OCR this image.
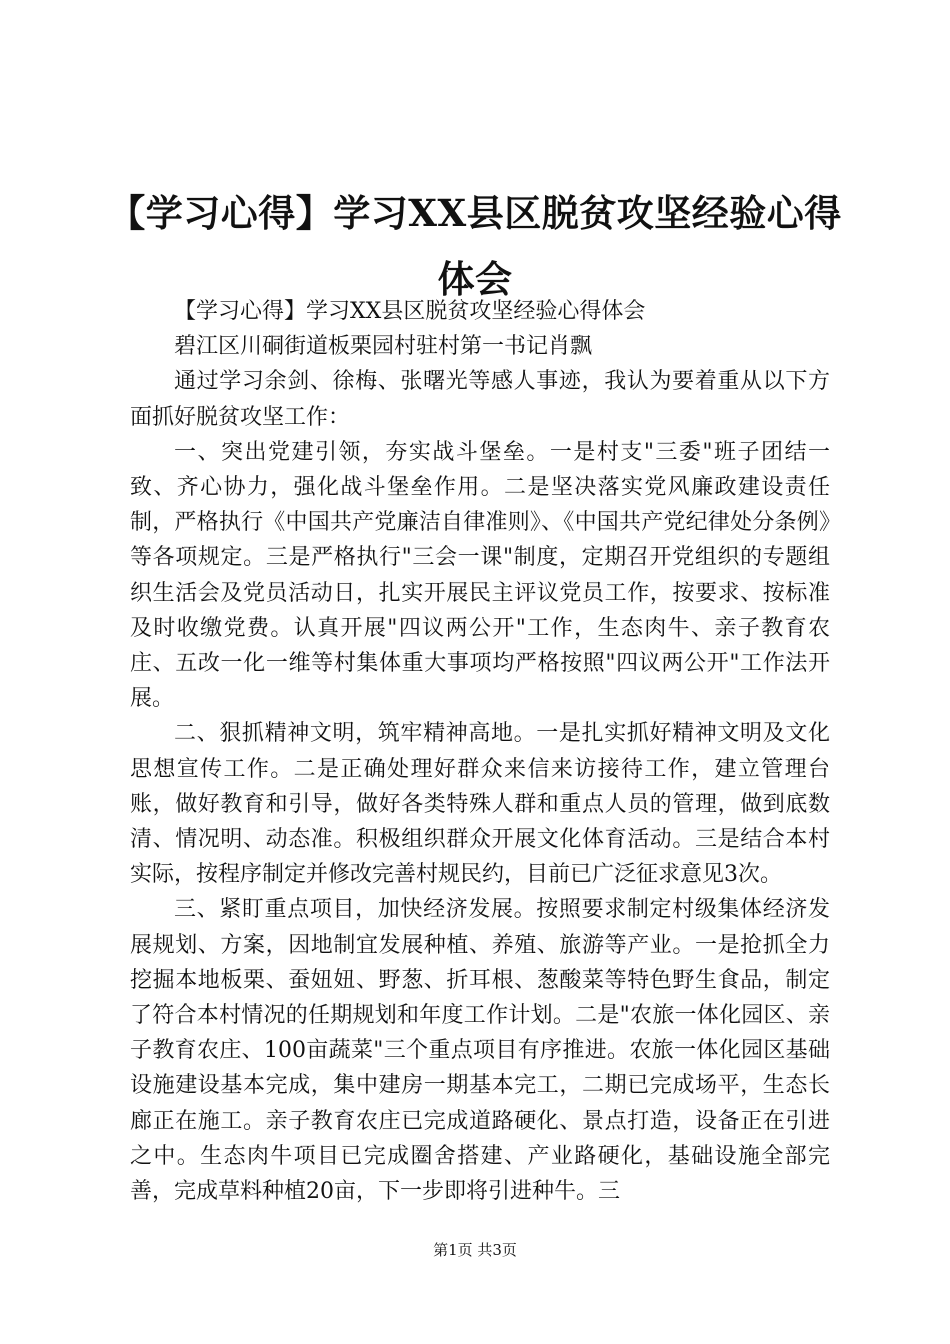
【学习心得】学习XX县区脱贫攻坚经验心得体会

【学习心得】学习XX县区脱贫攻坚经验心得体会

碧江区川硐街道板栗园村驻村第一书记肖飘

通过学习余剑、徐梅、张曙光等感人事迹，我认为要着重从以下方面抓好脱贫攻坚工作：

一、突出党建引领，夯实战斗堡垒。一是村支"三委"班子团结一致、齐心协力，强化战斗堡垒作用。二是坚决落实党风廉政建设责任制，严格执行《中国共产党廉洁自律准则》、《中国共产党纪律处分条例》等各项规定。三是严格执行"三会一课"制度，定期召开党组织的专题组织生活会及党员活动日，扎实开展民主评议党员工作，按要求、按标准及时收缴党费。认真开展"四议两公开"工作，生态肉牛、亲子教育农庄、五改一化一维等村集体重大事项均严格按照"四议两公开"工作法开展。

二、狠抓精神文明，筑牢精神高地。一是扎实抓好精神文明及文化思想宣传工作。二是正确处理好群众来信来访接待工作，建立管理台账，做好教育和引导，做好各类特殊人群和重点人员的管理，做到底数清、情况明、动态准。积极组织群众开展文化体育活动。三是结合本村实际，按程序制定并修改完善村规民约，目前已广泛征求意见3次。

三、紧盯重点项目，加快经济发展。按照要求制定村级集体经济发展规划、方案，因地制宜发展种植、养殖、旅游等产业。一是抢抓全力挖掘本地板栗、蚕妞妞、野葱、折耳根、葱酸菜等特色野生食品，制定了符合本村情况的任期规划和年度工作计划。二是"农旅一体化园区、亲子教育农庄、100亩蔬菜"三个重点项目有序推进。农旅一体化园区基础设施建设基本完成，集中建房一期基本完工，二期已完成场平，生态长廊正在施工。亲子教育农庄已完成道路硬化、景点打造，设备正在引进之中。生态肉牛项目已完成圈舍搭建、产业路硬化，基础设施全部完善，完成草料种植20亩，下一步即将引进种牛。三

第1页 共3页
